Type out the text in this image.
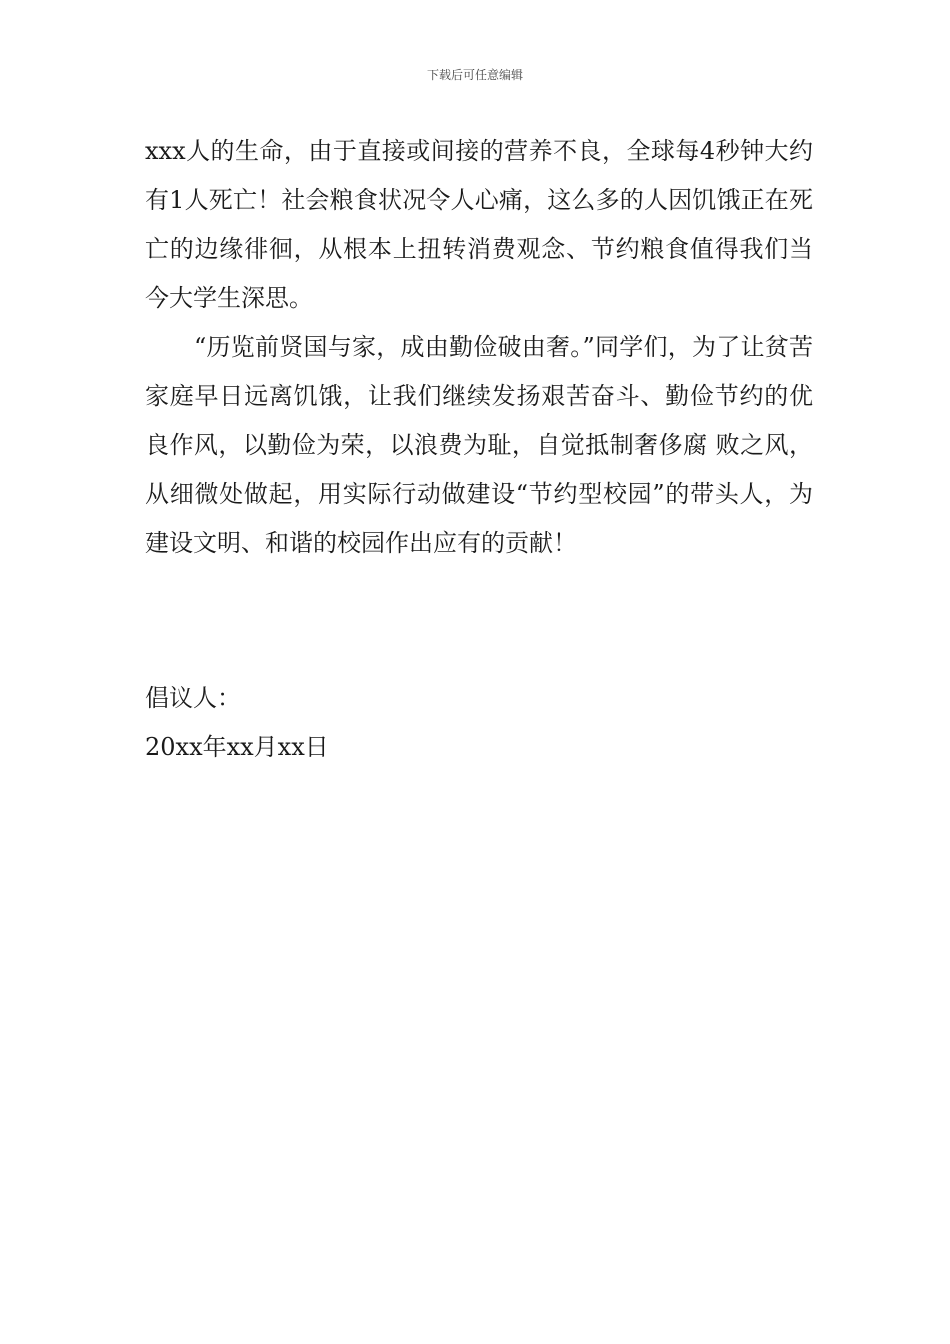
下载后可任意编辑

xxx人的生命，由于直接或间接的营养不良，全球每4秒钟大约有1人死亡！社会粮食状况令人心痛，这么多的人因饥饿正在死亡的边缘徘徊，从根本上扭转消费观念、节约粮食值得我们当今大学生深思。

“历览前贤国与家，成由勤俭破由奢。”同学们，为了让贫苦家庭早日远离饥饿，让我们继续发扬艰苦奋斗、勤俭节约的优良作风，以勤俭为荣，以浪费为耻，自觉抵制奢侈腐 败之风，从细微处做起，用实际行动做建设“节约型校园”的带头人，为建设文明、和谐的校园作出应有的贡献！

倡议人：

20xx年xx月xx日
